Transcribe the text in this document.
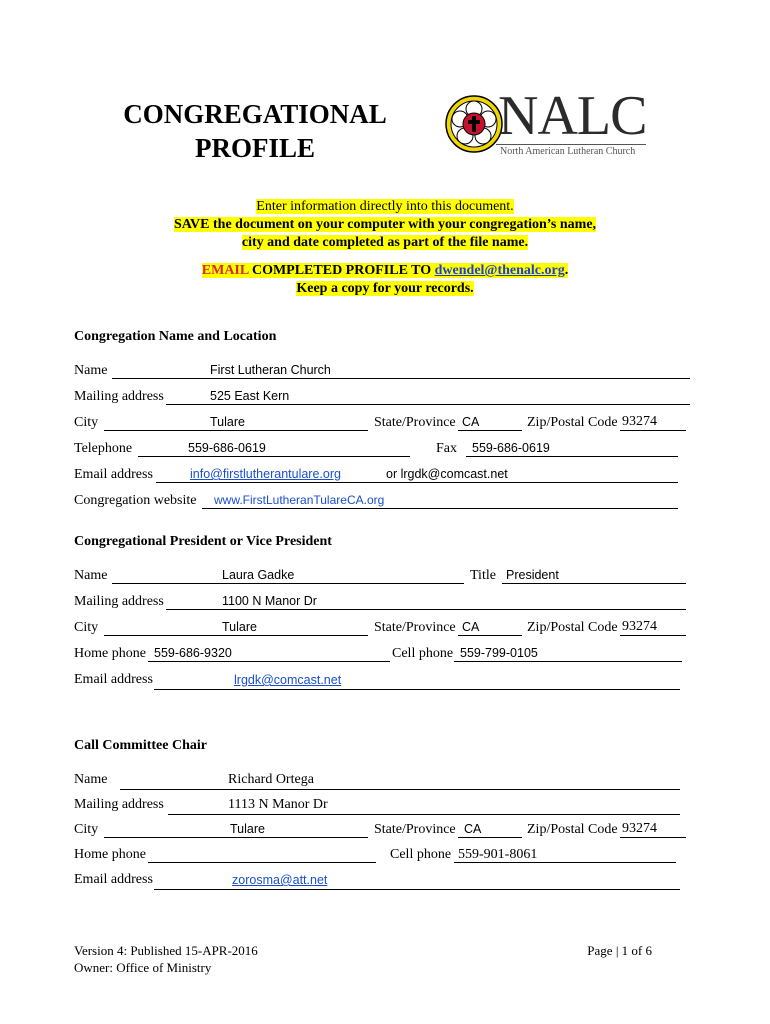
CONGREGATIONAL
PROFILE
NALC
North American Lutheran Church
Enter information directly into this document.
SAVE the document on your computer with your congregation’s name,
city and date completed as part of the file name.
EMAIL COMPLETED PROFILE TO dwendel@thenalc.org.
Keep a copy for your records.
Congregation Name and Location
Name	First Lutheran Church
Mailing address	525 East Kern
City	Tulare	State/Province CA	Zip/Postal Code 93274
Telephone	559-686-0619	Fax 559-686-0619
Email address	info@firstlutherantulare.org	or lrgdk@comcast.net
Congregation website www.FirstLutheranTulareCA.org
Congregational President or Vice President
Name	Laura Gadke	Title President
Mailing address	1100 N Manor Dr
City	Tulare	State/Province CA	Zip/Postal Code 93274
Home phone 559-686-9320	Cell phone 559-799-0105
Email address	lrgdk@comcast.net
Call Committee Chair
Name	Richard Ortega
Mailing address	1113 N Manor Dr
City	Tulare	State/Province CA	Zip/Postal Code 93274
Home phone	Cell phone 559-901-8061
Email address	zorosma@att.net
Version 4: Published 15-APR-2016
Owner: Office of Ministry
Page | 1 of 6
